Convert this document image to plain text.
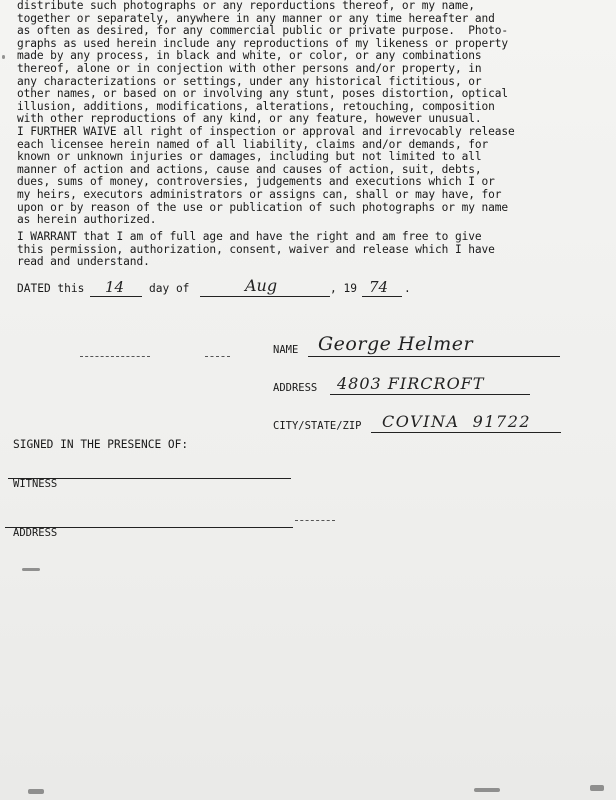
distribute such photographs or any reporductions thereof, or my name,
together or separately, anywhere in any manner or any time hereafter and
as often as desired, for any commercial public or private purpose.  Photo-
graphs as used herein include any reproductions of my likeness or property
made by any process, in black and white, or color, or any combinations
thereof, alone or in conjection with other persons and/or property, in
any characterizations or settings, under any historical fictitious, or
other names, or based on or involving any stunt, poses distortion, optical
illusion, additions, modifications, alterations, retouching, composition
with other reproductions of any kind, or any feature, however unusual.
I FURTHER WAIVE all right of inspection or approval and irrevocably release
each licensee herein named of all liability, claims and/or demands, for
known or unknown injuries or damages, including but not limited to all
manner of action and actions, cause and causes of action, suit, debts,
dues, sums of money, controversies, judgements and executions which I or
my heirs, executors administrators or assigns can, shall or may have, for
upon or by reason of the use or publication of such photographs or my name
as herein authorized.
I WARRANT that I am of full age and have the right and am free to give
this permission, authorization, consent, waiver and release which I have
read and understand.
DATED this 14 day of	Aug	, 19 74 .
NAME George Helmer
ADDRESS 4803 FIRCROFT
CITY/STATE/ZIP COVINA  91722
SIGNED IN THE PRESENCE OF:
WITNESS
ADDRESS
